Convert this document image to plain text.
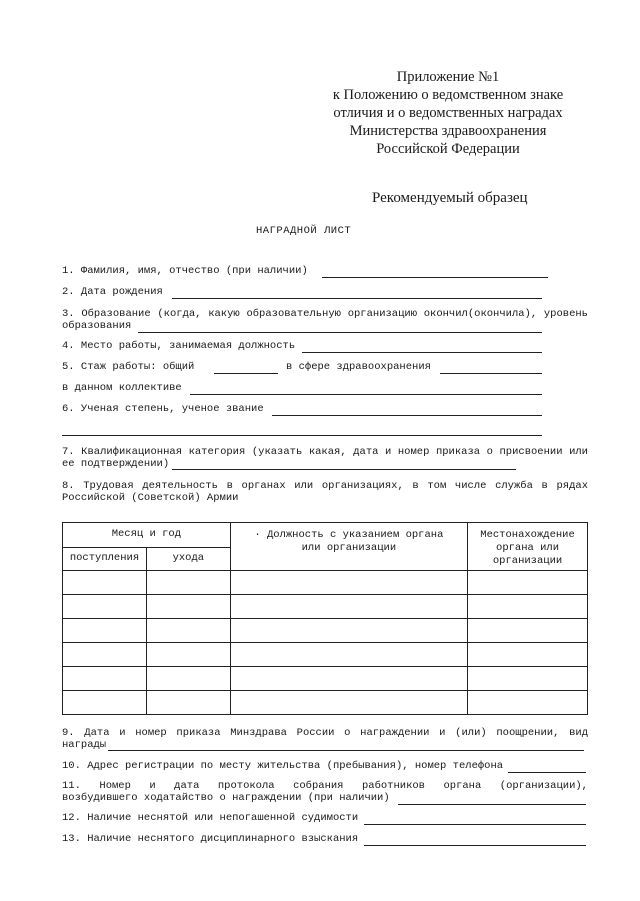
Приложение №1
к Положению о ведомственном знаке
отличия и о ведомственных наградах
Министерства здравоохранения
Российской Федерации
Рекомендуемый образец
НАГРАДНОЙ ЛИСТ
1. Фамилия, имя, отчество (при наличии)
2. Дата рождения
3. Образование (когда, какую образовательную организацию окончил(окончила), уровень
образования
4. Место работы, занимаемая должность
5. Стаж работы: общий	в сфере здравоохранения
в данном коллективе
6. Ученая степень, ученое звание
7. Квалификационная категория (указать какая, дата и номер приказа о присвоении или
ее подтверждении)
8. Трудовая деятельность в органах или организациях, в том числе служба в рядах
Российской (Советской) Армии
Месяц и год		· Должность с указанием органа или организации	Местонахождение органа или организации

поступления	ухода		

9. Дата и номер приказа Минздрава России о награждении и (или) поощрении, вид
награды
10. Адрес регистрации по месту жительства (пребывания), номер телефона
11. Номер и дата протокола собрания работников органа (организации),
возбудившего ходатайство о награждении (при наличии)
12. Наличие неснятой или непогашенной судимости
13. Наличие неснятого дисциплинарного взыскания
